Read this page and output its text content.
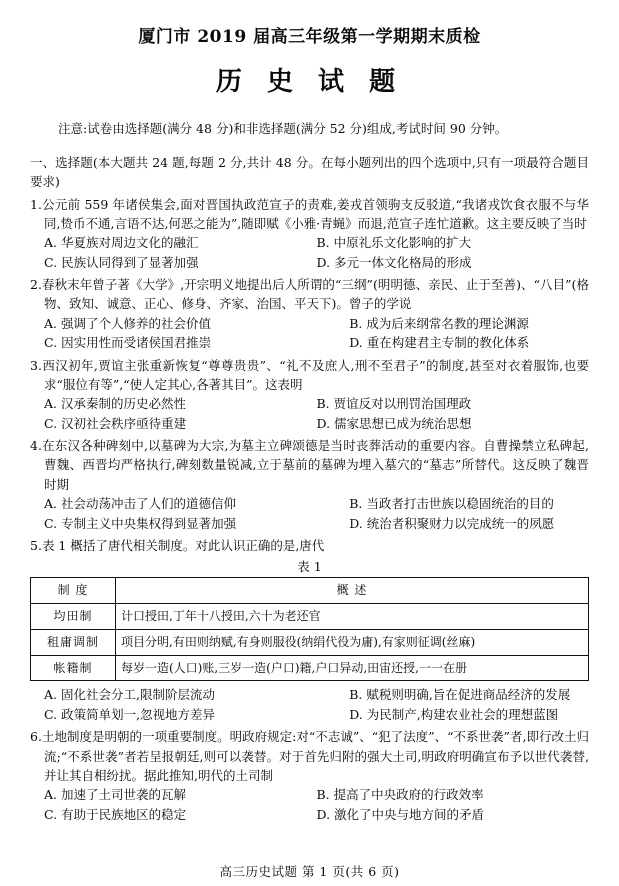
厦门市 2019 届高三年级第一学期期末质检
历 史 试 题
注意:试卷由选择题(满分 48 分)和非选择题(满分 52 分)组成,考试时间 90 分钟。
一、选择题(本大题共 24 题,每题 2 分,共计 48 分。在每小题列出的四个选项中,只有一项最符合题目要求)
1.公元前 559 年诸侯集会,面对晋国执政范宣子的责难,姜戎首领驹支反驳道,“我诸戎饮食衣服不与华同,贽币不通,言语不达,何恶之能为”,随即赋《小雅·青蝇》而退,范宣子连忙道歉。这主要反映了当时
A. 华夏族对周边文化的融汇	B. 中原礼乐文化影响的扩大
C. 民族认同得到了显著加强	D. 多元一体文化格局的形成
2.春秋末年曾子著《大学》,开宗明义地提出后人所谓的“三纲”(明明德、亲民、止于至善)、“八目”(格物、致知、诚意、正心、修身、齐家、治国、平天下)。曾子的学说
A. 强调了个人修养的社会价值	B. 成为后来纲常名教的理论渊源
C. 因实用性而受诸侯国君推崇	D. 重在构建君主专制的教化体系
3.西汉初年,贾谊主张重新恢复“尊尊贵贵”、“礼不及庶人,刑不至君子”的制度,甚至对衣着服饰,也要求“服位有等”,“使人定其心,各著其目”。这表明
A. 汉承秦制的历史必然性	B. 贾谊反对以刑罚治国理政
C. 汉初社会秩序亟待重建	D. 儒家思想已成为统治思想
4.在东汉各种碑刻中,以墓碑为大宗,为墓主立碑颂德是当时丧葬活动的重要内容。自曹操禁立私碑起,曹魏、西晋均严格执行,碑刻数量锐减,立于墓前的墓碑为埋入墓穴的“墓志”所替代。这反映了魏晋时期
A. 社会动荡冲击了人们的道德信仰	B. 当政者打击世族以稳固统治的目的
C. 专制主义中央集权得到显著加强	D. 统治者积聚财力以完成统一的夙愿
5.表 1 概括了唐代相关制度。对此认识正确的是,唐代
表 1
制 度	概 述
均田制	计口授田,丁年十八授田,六十为老还官
租庸调制	项目分明,有田则纳赋,有身则服役(纳绢代役为庸),有家则征调(丝麻)
帐籍制	每岁一造(人口)账,三岁一造(户口)籍,户口异动,田宙还授,一一在册
A. 固化社会分工,限制阶层流动	B. 赋税则明确,旨在促进商品经济的发展
C. 政策简单划一,忽视地方差异	D. 为民制产,构建农业社会的理想蓝图
6.土地制度是明朝的一项重要制度。明政府规定:对“不志诚”、“犯了法度”、“不系世袭”者,即行改土归流;“不系世袭”者若呈报朝廷,则可以袭替。对于首先归附的强大土司,明政府明确宣布予以世代袭替,并让其自相纷扰。据此推知,明代的土司制
A. 加速了土司世袭的瓦解	B. 提高了中央政府的行政效率
C. 有助于民族地区的稳定	D. 激化了中央与地方间的矛盾
高三历史试题 第 1 页(共 6 页)
